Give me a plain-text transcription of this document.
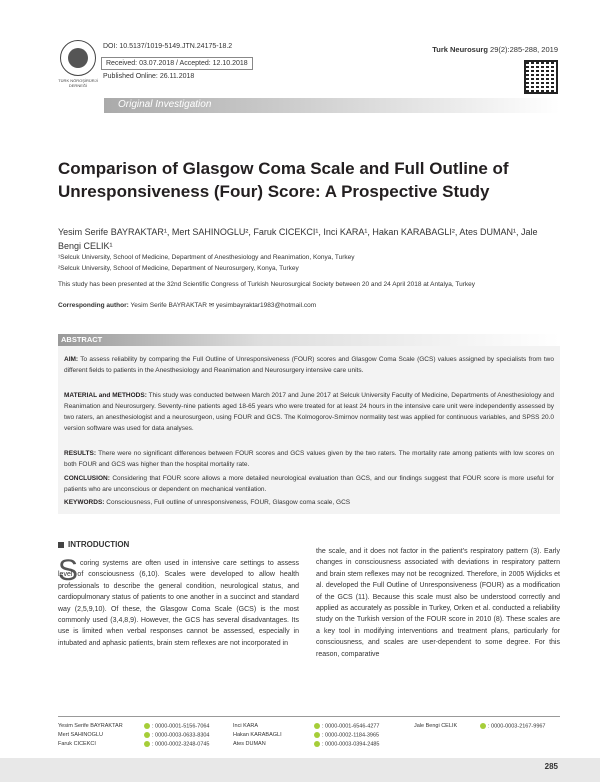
TÜRK NÖROŞİRÜRJİ DERNEĞİ
DOI: 10.5137/1019-5149.JTN.24175-18.2
Received: 03.07.2018 / Accepted: 12.10.2018
Published Online: 26.11.2018
Turk Neurosurg 29(2):285-288, 2019
Original Investigation
Comparison of Glasgow Coma Scale and Full Outline of Unresponsiveness (Four) Score: A Prospective Study
Yesim Serife BAYRAKTAR¹, Mert SAHINOGLU², Faruk CICEKCI¹, Inci KARA¹, Hakan KARABAGLI², Ates DUMAN¹, Jale Bengi CELIK¹
¹Selcuk University, School of Medicine, Department of Anesthesiology and Reanimation, Konya, Turkey
²Selcuk University, School of Medicine, Department of Neurosurgery, Konya, Turkey
This study has been presented at the 32nd Scientific Congress of Turkish Neurosurgical Society between 20 and 24 April 2018 at Antalya, Turkey
Corresponding author: Yesim Serife BAYRAKTAR ✉ yesimbayraktar1983@hotmail.com
ABSTRACT
AIM: To assess reliability by comparing the Full Outline of Unresponsiveness (FOUR) scores and Glasgow Coma Scale (GCS) values assigned by specialists from two different fields to patients in the Anesthesiology and Reanimation and Neurosurgery intensive care units.
MATERIAL and METHODS: This study was conducted between March 2017 and June 2017 at Selcuk University Faculty of Medicine, Departments of Anesthesiology and Reanimation and Neurosurgery. Seventy-nine patients aged 18-65 years who were treated for at least 24 hours in the intensive care unit were independently assessed by two raters, an anesthesiologist and a neurosurgeon, using FOUR and GCS. The Kolmogorov-Smirnov normality test was applied for continuous variables, and SPSS 20.0 version software was used for data analyses.
RESULTS: There were no significant differences between FOUR scores and GCS values given by the two raters. The mortality rate among patients with low scores on both FOUR and GCS was higher than the hospital mortality rate.
CONCLUSION: Considering that FOUR score allows a more detailed neurological evaluation than GCS, and our findings suggest that FOUR score is more useful for patients who are unconscious or dependent on mechanical ventilation.
KEYWORDS: Consciousness, Full outline of unresponsiveness, FOUR, Glasgow coma scale, GCS
INTRODUCTION
S coring systems are often used in intensive care settings to assess level of consciousness (6,10). Scales were developed to allow health professionals to describe the general condition, neurological status, and cardiopulmonary status of patients to one another in a succinct and standard way (2,5,9,10). Of these, the Glasgow Coma Scale (GCS) is the most commonly used (3,4,8,9). However, the GCS has several disadvantages. Its use is limited when verbal responses cannot be assessed, especially in intubated and aphasic patients, brain stem reflexes are not incorporated in
the scale, and it does not factor in the patient's respiratory pattern (3). Early changes in consciousness associated with deviations in respiratory pattern and brain stem reflexes may not be recognized. Therefore, in 2005 Wijdicks et al. developed the Full Outline of Unresponsiveness (FOUR) as a modification of the GCS (11). Because this scale must also be understood correctly and applied as accurately as possible in Turkey, Orken et al. conducted a reliability study on the Turkish version of the FOUR score in 2010 (8). These scales are a key tool in modifying interventions and treatment plans, particularly for consciousness, and scales are user-dependent to some degree. For this reason, comparative
Yesim Serife BAYRAKTAR	: 0000-0001-5156-7064
Mert SAHINOGLU	: 0000-0003-0633-8304
Faruk CICEKCI	: 0000-0002-3248-0745
Inci KARA	: 0000-0001-6546-4277
Hakan KARABAGLI	: 0000-0002-1184-3965
Ates DUMAN	: 0000-0003-0394-2485
Jale Bengi CELIK	: 0000-0003-2167-9967
285
